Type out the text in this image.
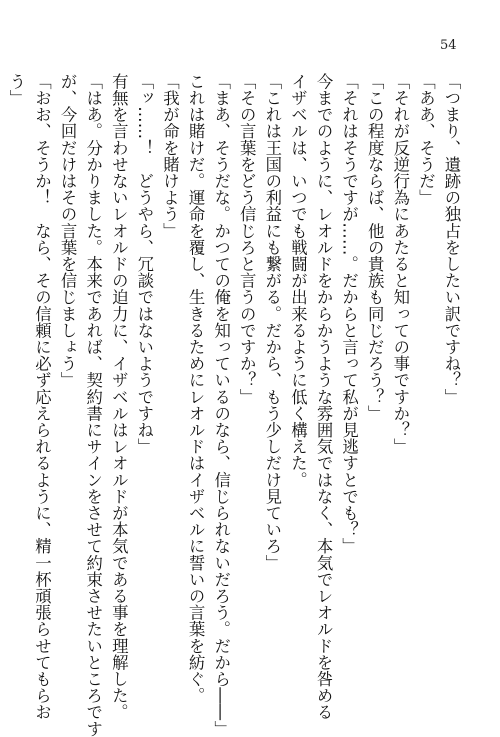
54
「つまり、遺跡の独占をしたい訳ですね？」
「ああ、そうだ」
「それが反逆行為にあたると知っての事ですか？」
「この程度ならば、他の貴族も同じだろう？」
「それはそうですが……。だからと言って私が見逃すとでも？」
今までのように、レオルドをからかうような雰囲気ではなく、本気でレオルドを咎める
イザベルは、いつでも戦闘が出来るように低く構えた。
「これは王国の利益にも繋がる。だから、もう少しだけ見ていろ」
「その言葉をどう信じろと言うのですか？」
「まあ、そうだな。かつての俺を知っているのなら、信じられないだろう。だから――」
これは賭けだ。運命を覆し、生きるためにレオルドはイザベルに誓いの言葉を紡ぐ。
「我が命を賭けよう」
「ッ……！　どうやら、冗談ではないようですね」
有無を言わせないレオルドの迫力に、イザベルはレオルドが本気である事を理解した。
「はあ。分かりました。本来であれば、契約書にサインをさせて約束させたいところです
が、今回だけはその言葉を信じましょう」
「おお、そうか！　なら、その信頼に必ず応えられるように、精一杯頑張らせてもらお
う」
